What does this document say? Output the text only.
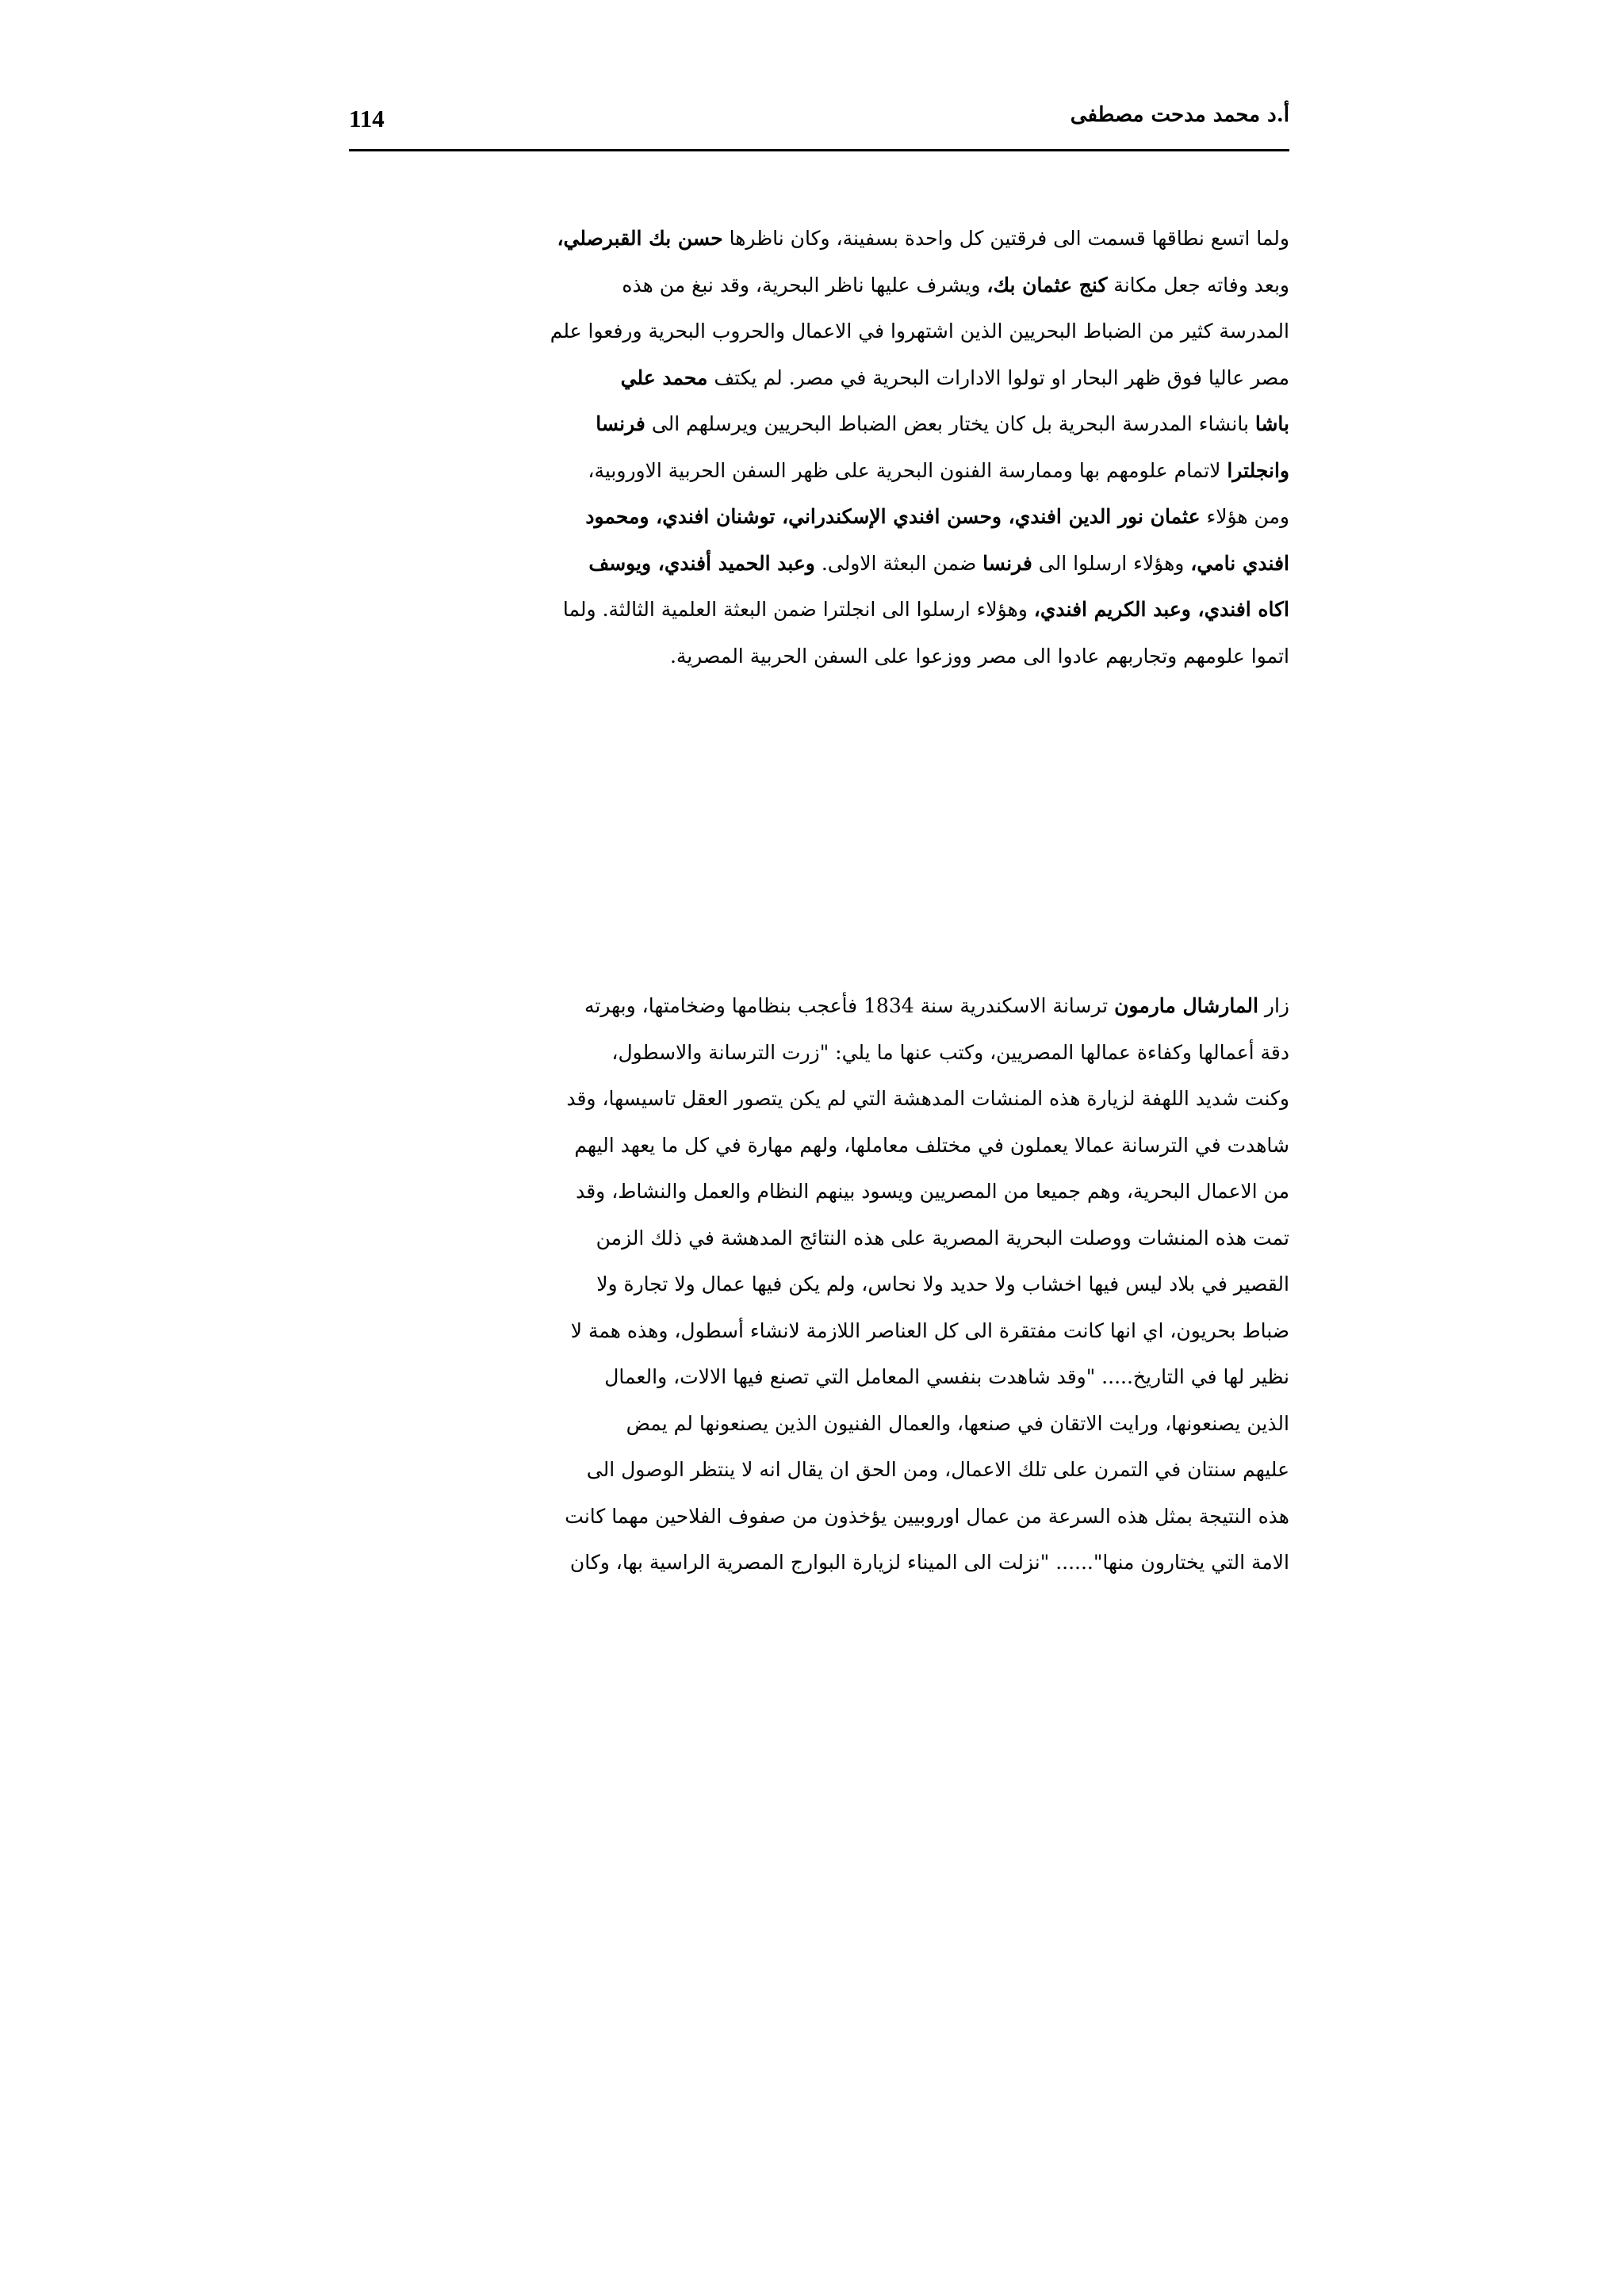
114	أ.د محمد مدحت مصطفى
ولما اتسع نطاقها قسمت الى فرقتين كل واحدة بسفينة، وكان ناظرها حسن بك القبرصلي،
وبعد وفاته جعل مكانة كنج عثمان بك، ويشرف عليها ناظر البحرية، وقد نبغ من هذه
المدرسة كثير من الضباط البحريين الذين اشتهروا في الاعمال والحروب البحرية ورفعوا علم
مصر عاليا فوق ظهر البحار او تولوا الادارات البحرية في مصر. لم يكتف محمد علي
باشا بانشاء المدرسة البحرية بل كان يختار بعض الضباط البحريين ويرسلهم الى فرنسا
وانجلترا لاتمام علومهم بها وممارسة الفنون البحرية على ظهر السفن الحربية الاوروبية،
ومن هؤلاء عثمان نور الدين افندي، وحسن افندي الإسكندراني، توشنان افندي، ومحمود
افندي نامي، وهؤلاء ارسلوا الى فرنسا ضمن البعثة الاولى. وعبد الحميد أفندي، ويوسف
اكاه افندي، وعبد الكريم افندي، وهؤلاء ارسلوا الى انجلترا ضمن البعثة العلمية الثالثة. ولما
اتموا علومهم وتجاربهم عادوا الى مصر ووزعوا على السفن الحربية المصرية.
زار المارشال مارمون ترسانة الاسكندرية سنة 1834 فأعجب بنظامها وضخامتها، وبهرته
دقة أعمالها وكفاءة عمالها المصريين، وكتب عنها ما يلي: "زرت الترسانة والاسطول،
وكنت شديد اللهفة لزيارة هذه المنشات المدهشة التي لم يكن يتصور العقل تاسيسها، وقد
شاهدت في الترسانة عمالا يعملون في مختلف معاملها، ولهم مهارة في كل ما يعهد اليهم
من الاعمال البحرية، وهم جميعا من المصريين ويسود بينهم النظام والعمل والنشاط، وقد
تمت هذه المنشات ووصلت البحرية المصرية على هذه النتائج المدهشة في ذلك الزمن
القصير في بلاد ليس فيها اخشاب ولا حديد ولا نحاس، ولم يكن فيها عمال ولا تجارة ولا
ضباط بحريون، اي انها كانت مفتقرة الى كل العناصر اللازمة لانشاء أسطول، وهذه همة لا
نظير لها في التاريخ..... "وقد شاهدت بنفسي المعامل التي تصنع فيها الالات، والعمال
الذين يصنعونها، ورايت الاتقان في صنعها، والعمال الفنيون الذين يصنعونها لم يمض
عليهم سنتان في التمرن على تلك الاعمال، ومن الحق ان يقال انه لا ينتظر الوصول الى
هذه النتيجة بمثل هذه السرعة من عمال اوروبيين يؤخذون من صفوف الفلاحين مهما كانت
الامة التي يختارون منها"...... "نزلت الى الميناء لزيارة البوارج المصرية الراسية بها، وكان
